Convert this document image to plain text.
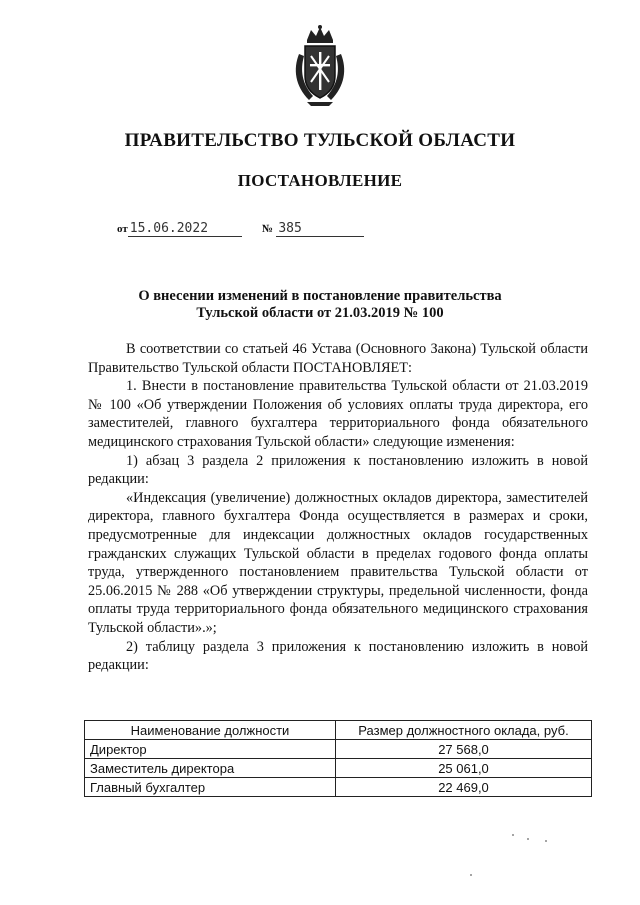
ПРАВИТЕЛЬСТВО ТУЛЬСКОЙ ОБЛАСТИ
ПОСТАНОВЛЕНИЕ
от 15.06.2022	№ 385
О внесении изменений в постановление правительства
Тульской области от 21.03.2019 № 100

В соответствии со статьей 46 Устава (Основного Закона) Тульской области Правительство Тульской области ПОСТАНОВЛЯЕТ:

1. Внести в постановление правительства Тульской области от 21.03.2019 № 100 «Об утверждении Положения об условиях оплаты труда директора, его заместителей, главного бухгалтера территориального фонда обязательного медицинского страхования Тульской области» следующие изменения:

1) абзац 3 раздела 2 приложения к постановлению изложить в новой редакции:

«Индексация (увеличение) должностных окладов директора, заместителей директора, главного бухгалтера Фонда осуществляется в размерах и сроки, предусмотренные для индексации должностных окладов государственных гражданских служащих Тульской области в пределах годового фонда оплаты труда, утвержденного постановлением правительства Тульской области от 25.06.2015 № 288 «Об утверждении структуры, предельной численности, фонда оплаты труда территориального фонда обязательного медицинского страхования Тульской области».»;

2) таблицу раздела 3 приложения к постановлению изложить в новой редакции:

Наименование должности	Размер должностного оклада, руб.
Директор	27 568,0
Заместитель директора	25 061,0
Главный бухгалтер	22 469,0
